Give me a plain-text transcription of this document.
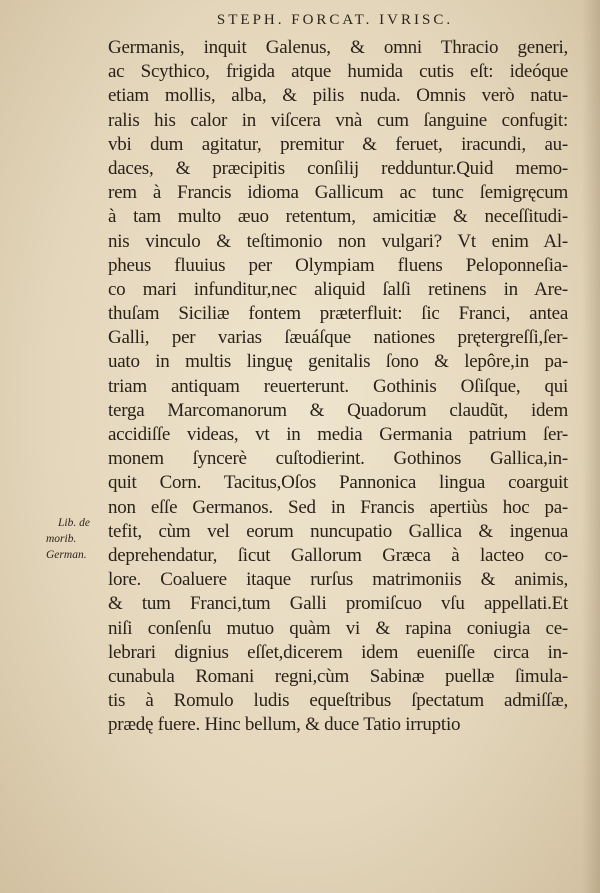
STEPH. FORCAT. IVRISC.
Germanis, inquit Galenus, & omni Thracio generi,
ac Scythico, frigida atque humida cutis eſt: ideóque
etiam mollis, alba, & pilis nuda. Omnis verò natu-
ralis his calor in viſcera vnà cum ſanguine confugit:
vbi dum agitatur, premitur & feruet, iracundi, au-
daces, & præcipitis conſilij redduntur.Quid memo-
rem à Francis idioma Gallicum ac tunc ſemigręcum
à tam multo æuo retentum, amicitiæ & neceſſitudi-
nis vinculo & teſtimonio non vulgari? Vt enim Al-
pheus fluuius per Olympiam fluens Peloponneſia-
co mari infunditur,nec aliquid ſalſi retinens in Are-
thuſam Siciliæ fontem præterfluit: ſic Franci, antea
Galli, per varias ſæuáſque nationes prętergreſſi,ſer-
uato in multis linguę genitalis ſono & lepôre,in pa-
triam antiquam reuerterunt. Gothinis Oſiſque, qui
terga Marcomanorum & Quadorum claudũt, idem
accidiſſe videas, vt in media Germania patrium ſer-
monem ſyncerè cuſtodierint. Gothinos Gallica,in-
quit Corn. Tacitus,Oſos Pannonica lingua coarguit
non eſſe Germanos. Sed in Francis apertiùs hoc pa-
tefit, cùm vel eorum nuncupatio Gallica & ingenua
deprehendatur, ſicut Gallorum Græca à lacteo co-
lore. Coaluere itaque rurſus matrimoniis & animis,
& tum Franci,tum Galli promiſcuo vſu appellati.Et
niſi conſenſu mutuo quàm vi & rapina coniugia ce-
lebrari dignius eſſet,dicerem idem eueniſſe circa in-
cunabula Romani regni,cùm Sabinæ puellæ ſimula-
tis à Romulo ludis equeſtribus ſpectatum admiſſæ,
prædę fuere. Hinc bellum, & duce Tatio irruptio
Lib. de
morib.
German.
